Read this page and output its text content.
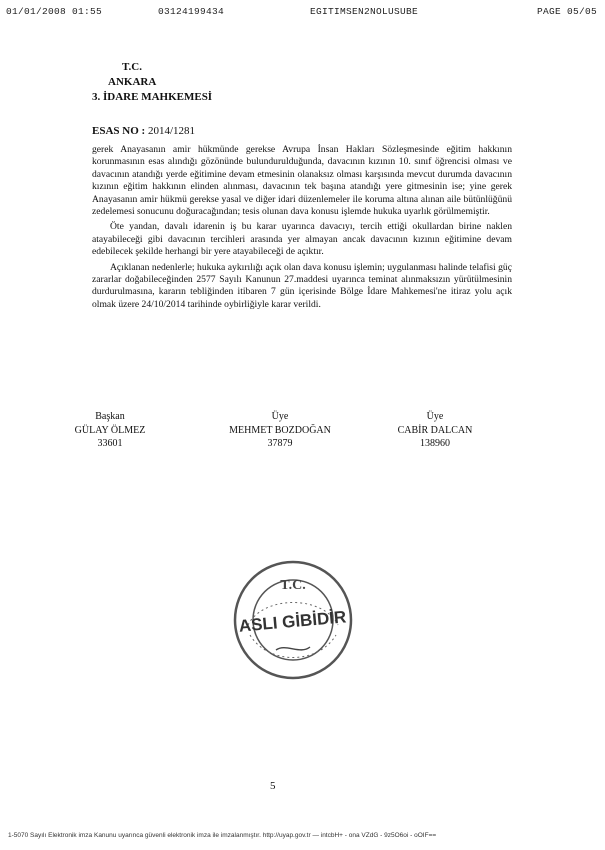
01/01/2008 01:55	03124199434	EGITIMSEN2NOLUSUBE	PAGE 05/05
T.C.
ANKARA
3. İDARE MAHKEMESİ
ESAS NO : 2014/1281

gerek Anayasanın amir hükmünde gerekse Avrupa İnsan Hakları Sözleşmesinde eğitim hakkının korunmasının esas alındığı gözönünde bulundurulduğunda, davacının kızının 10. sınıf öğrencisi olması ve davacının atandığı yerde eğitimine devam etmesinin olanaksız olması karşısında mevcut durumda davacının kızının eğitim hakkının elinden alınması, davacının tek başına atandığı yere gitmesinin ise; yine gerek Anayasanın amir hükmü gerekse yasal ve diğer idari düzenlemeler ile koruma altına alınan aile bütünlüğünü zedelemesi sonucunu doğuracağından; tesis olunan dava konusu işlemde hukuka uyarlık görülmemiştir.

Öte yandan, davalı idarenin iş bu karar uyarınca davacıyı, tercih ettiği okullardan birine naklen atayabileceği gibi davacının tercihleri arasında yer almayan ancak davacının kızının eğitimine devam edebilecek şekilde herhangi bir yere atayabileceği de açıktır.

Açıklanan nedenlerle; hukuka aykırılığı açık olan dava konusu işlemin; uygulanması halinde telafisi güç zararlar doğabileceğinden 2577 Sayılı Kanunun 27.maddesi uyarınca teminat alınmaksızın yürütülmesinin durdurulmasına, kararın tebliğinden itibaren 7 gün içerisinde Bölge İdare Mahkemesi'ne itiraz yolu açık olmak üzere 24/10/2014 tarihinde oybirliğiyle karar verildi.

Başkan
GÜLAY ÖLMEZ
33601
Üye
MEHMET BOZDOĞAN
37879
Üye
CABİR DALCAN
138960
T.C.
ASLI GİBİDİR
5
1-5070 Sayılı Elektronik imza Kanunu uyarınca güvenli elektronik imza ile imzalanmıştır. http://uyap.gov.tr — intcbH+ - ona VZdG - 9z5O6oi - oOIF==
